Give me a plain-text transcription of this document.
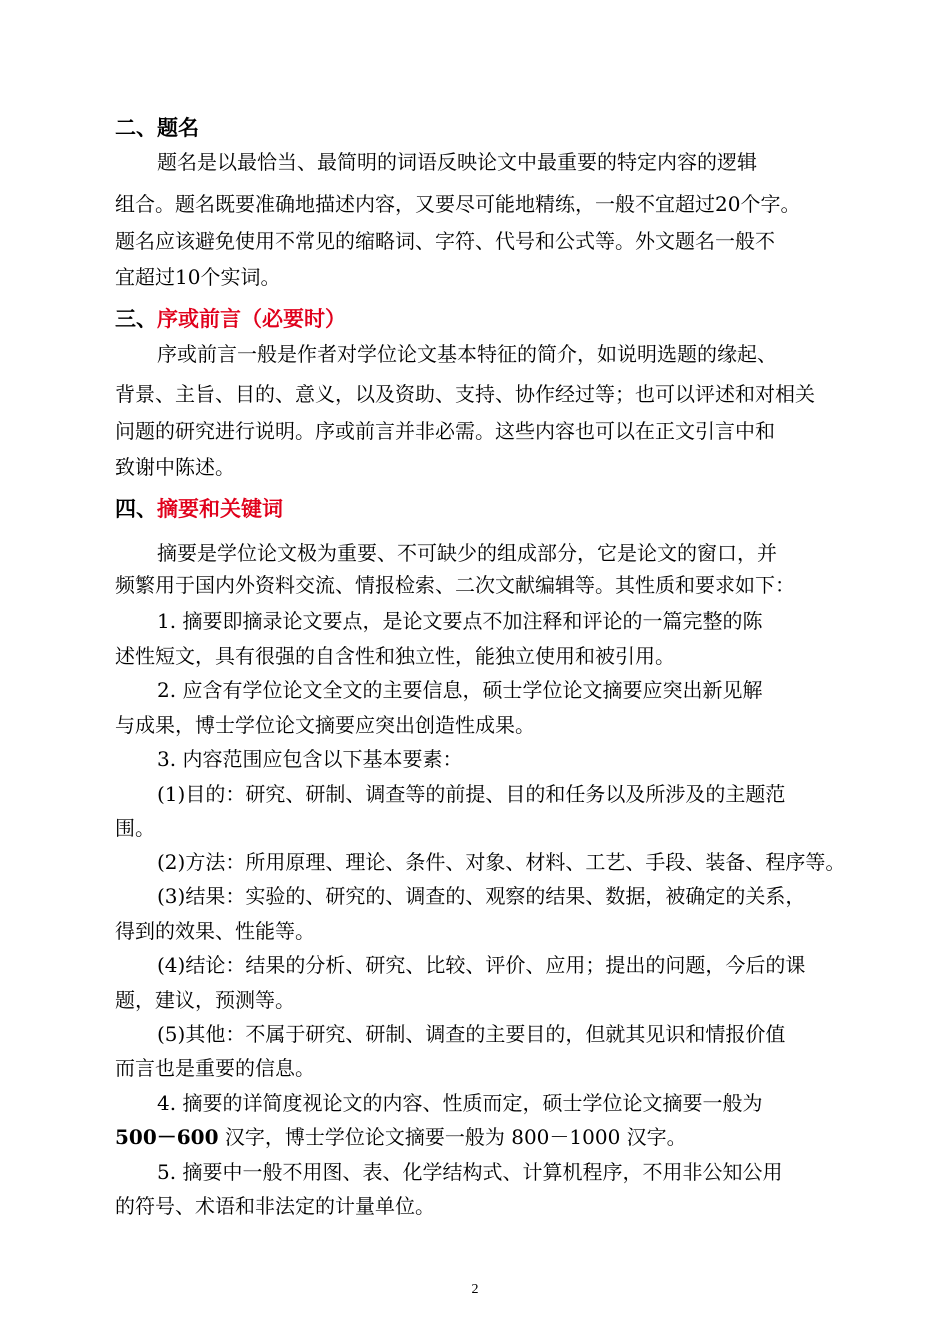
二、题名
题名是以最恰当、最简明的词语反映论文中最重要的特定内容的逻辑
组合。题名既要准确地描述内容，又要尽可能地精练，一般不宜超过20个字。
题名应该避免使用不常见的缩略词、字符、代号和公式等。外文题名一般不
宜超过10个实词。
三、序或前言（必要时）
序或前言一般是作者对学位论文基本特征的简介，如说明选题的缘起、
背景、主旨、目的、意义，以及资助、支持、协作经过等；也可以评述和对相关
问题的研究进行说明。序或前言并非必需。这些内容也可以在正文引言中和
致谢中陈述。
四、摘要和关键词
摘要是学位论文极为重要、不可缺少的组成部分，它是论文的窗口，并
频繁用于国内外资料交流、情报检索、二次文献编辑等。其性质和要求如下：
1. 摘要即摘录论文要点，是论文要点不加注释和评论的一篇完整的陈
述性短文，具有很强的自含性和独立性，能独立使用和被引用。
2. 应含有学位论文全文的主要信息，硕士学位论文摘要应突出新见解
与成果，博士学位论文摘要应突出创造性成果。
3. 内容范围应包含以下基本要素：
(1)目的：研究、研制、调查等的前提、目的和任务以及所涉及的主题范
围。
(2)方法：所用原理、理论、条件、对象、材料、工艺、手段、装备、程序等。
(3)结果：实验的、研究的、调查的、观察的结果、数据，被确定的关系，
得到的效果、性能等。
(4)结论：结果的分析、研究、比较、评价、应用；提出的问题，今后的课
题，建议，预测等。
(5)其他：不属于研究、研制、调查的主要目的，但就其见识和情报价值
而言也是重要的信息。
4. 摘要的详简度视论文的内容、性质而定，硕士学位论文摘要一般为
500－600 汉字，博士学位论文摘要一般为 800－1000 汉字。
5. 摘要中一般不用图、表、化学结构式、计算机程序，不用非公知公用
的符号、术语和非法定的计量单位。
2
